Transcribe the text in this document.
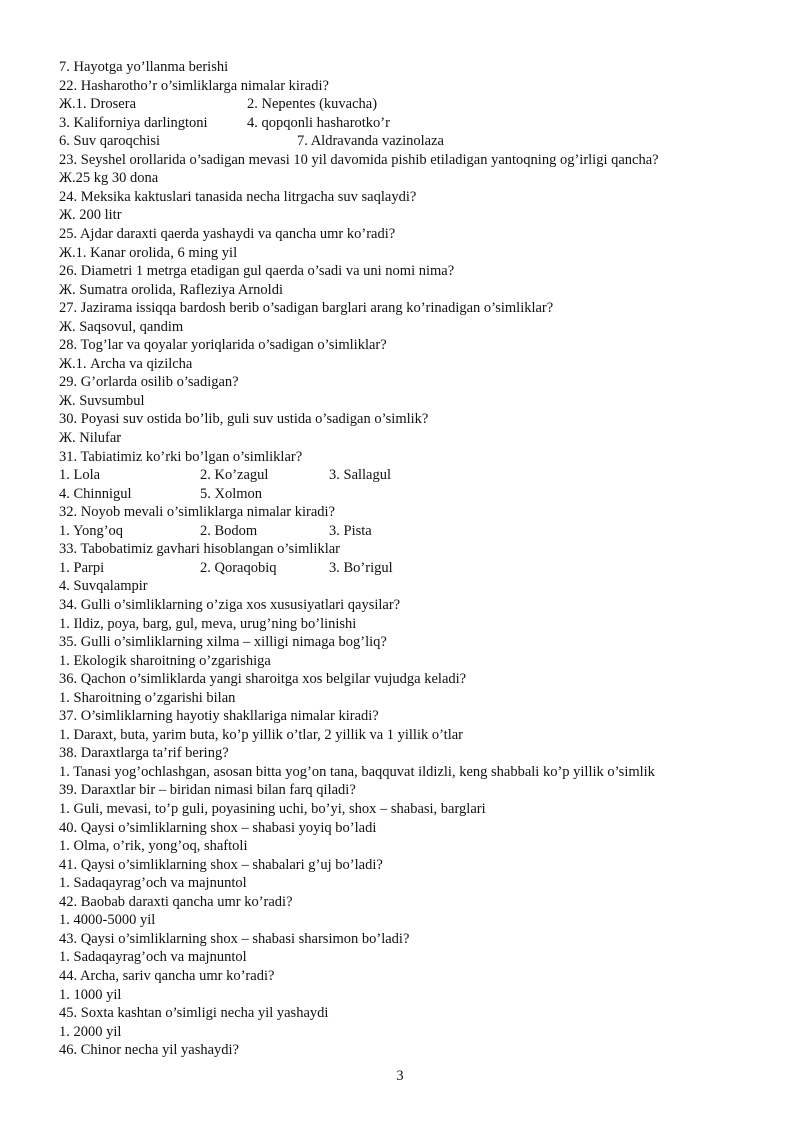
7. Hayotga yo’llanma berishi
22. Hasharotho’r o’simliklarga nimalar kiradi?
Ж.1. Drosera	2. Nepentes (kuvacha)
3. Kaliforniya darlingtoni	4. qopqonli hasharotko’r
6. Suv qaroqchisi	7. Aldravanda vazinolaza
23. Seyshel orollarida o’sadigan mevasi 10 yil davomida pishib etiladigan yantoqning og’irligi qancha?
Ж.25 kg 30 dona
24. Meksika kaktuslari tanasida necha litrgacha suv saqlaydi?
Ж. 200 litr
25. Ajdar daraxti qaerda yashaydi va qancha umr ko’radi?
Ж.1. Kanar orolida, 6 ming yil
26. Diametri 1 metrga etadigan gul qaerda o’sadi va uni nomi nima?
Ж. Sumatra orolida, Rafleziya Arnoldi
27. Jazirama issiqqa bardosh berib o’sadigan barglari arang ko’rinadigan o’simliklar?
Ж. Saqsovul, qandim
28. Tog’lar va qoyalar yoriqlarida o’sadigan o’simliklar?
Ж.1. Archa va qizilcha
29. G’orlarda osilib o’sadigan?
Ж. Suvsumbul
30. Poyasi suv ostida bo’lib, guli suv ustida o’sadigan o’simlik?
Ж. Nilufar
31. Tabiatimiz ko’rki bo’lgan o’simliklar?
1. Lola	2. Ko’zagul	3. Sallagul
4. Chinnigul	5. Xolmon
32. Noyob mevali o’simliklarga nimalar kiradi?
1. Yong’oq	2. Bodom	3. Pista
33. Tabobatimiz gavhari hisoblangan o’simliklar
1. Parpi	2. Qoraqobiq	3. Bo’rigul
4. Suvqalampir
34. Gulli o’simliklarning o’ziga xos xususiyatlari qaysilar?
1. Ildiz, poya, barg, gul, meva, urug’ning bo’linishi
35. Gulli o’simliklarning xilma – xilligi nimaga bog’liq?
1. Ekologik sharoitning o’zgarishiga
36. Qachon o’simliklarda yangi sharoitga xos belgilar vujudga keladi?
1. Sharoitning o’zgarishi bilan
37. O’simliklarning hayotiy shakllariga nimalar kiradi?
1. Daraxt, buta, yarim buta, ko’p yillik o’tlar, 2 yillik va 1 yillik o’tlar
38. Daraxtlarga ta’rif bering?
1. Tanasi yog’ochlashgan, asosan bitta yog’on tana, baqquvat ildizli, keng shabbali ko’p yillik o’simlik
39. Daraxtlar bir – biridan nimasi bilan farq qiladi?
1. Guli, mevasi, to’p guli, poyasining uchi, bo’yi, shox – shabasi, barglari
40. Qaysi o’simliklarning shox – shabasi yoyiq bo’ladi
1. Olma, o’rik, yong’oq, shaftoli
41. Qaysi o’simliklarning shox – shabalari g’uj bo’ladi?
1. Sadaqayrag’och va majnuntol
42. Baobab daraxti qancha umr ko’radi?
1. 4000-5000 yil
43. Qaysi o’simliklarning shox – shabasi sharsimon bo’ladi?
1. Sadaqayrag’och va majnuntol
44. Archa, sariv qancha umr ko’radi?
1. 1000 yil
45. Soxta kashtan o’simligi necha yil yashaydi
1. 2000 yil
46. Chinor necha yil yashaydi?
3
